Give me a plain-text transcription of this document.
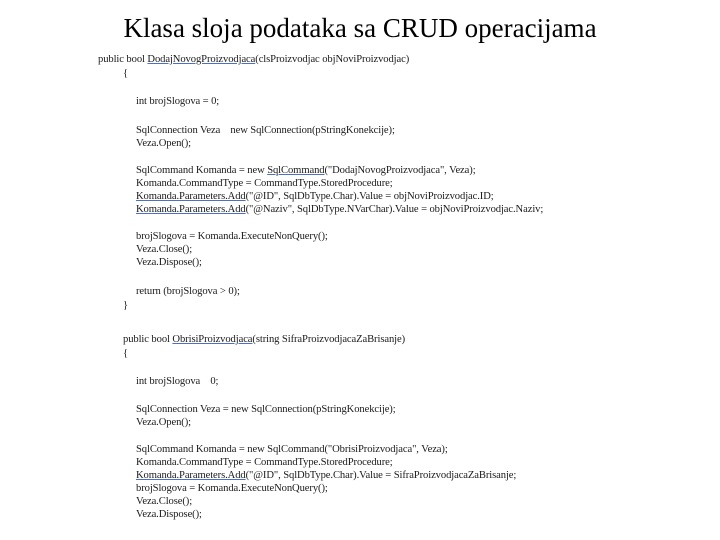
Klasa sloja podataka sa CRUD operacijama
public bool DodajNovogProizvodjaca(clsProizvodjac objNoviProizvodjac)
{
int brojSlogova = 0;
SqlConnection Veza    new SqlConnection(pStringKonekcije);
Veza.Open();
SqlCommand Komanda = new SqlCommand("DodajNovogProizvodjaca", Veza);
Komanda.CommandType = CommandType.StoredProcedure;
Komanda.Parameters.Add("@ID", SqlDbType.Char).Value = objNoviProizvodjac.ID;
Komanda.Parameters.Add("@Naziv", SqlDbType.NVarChar).Value = objNoviProizvodjac.Naziv;
brojSlogova = Komanda.ExecuteNonQuery();
Veza.Close();
Veza.Dispose();
return (brojSlogova > 0);
}
public bool ObrisiProizvodjaca(string SifraProizvodjacaZaBrisanje)
{
int brojSlogova    0;
SqlConnection Veza = new SqlConnection(pStringKonekcije);
Veza.Open();
SqlCommand Komanda = new SqlCommand("ObrisiProizvodjaca", Veza);
Komanda.CommandType = CommandType.StoredProcedure;
Komanda.Parameters.Add("@ID", SqlDbType.Char).Value = SifraProizvodjacaZaBrisanje;
brojSlogova = Komanda.ExecuteNonQuery();
Veza.Close();
Veza.Dispose();
